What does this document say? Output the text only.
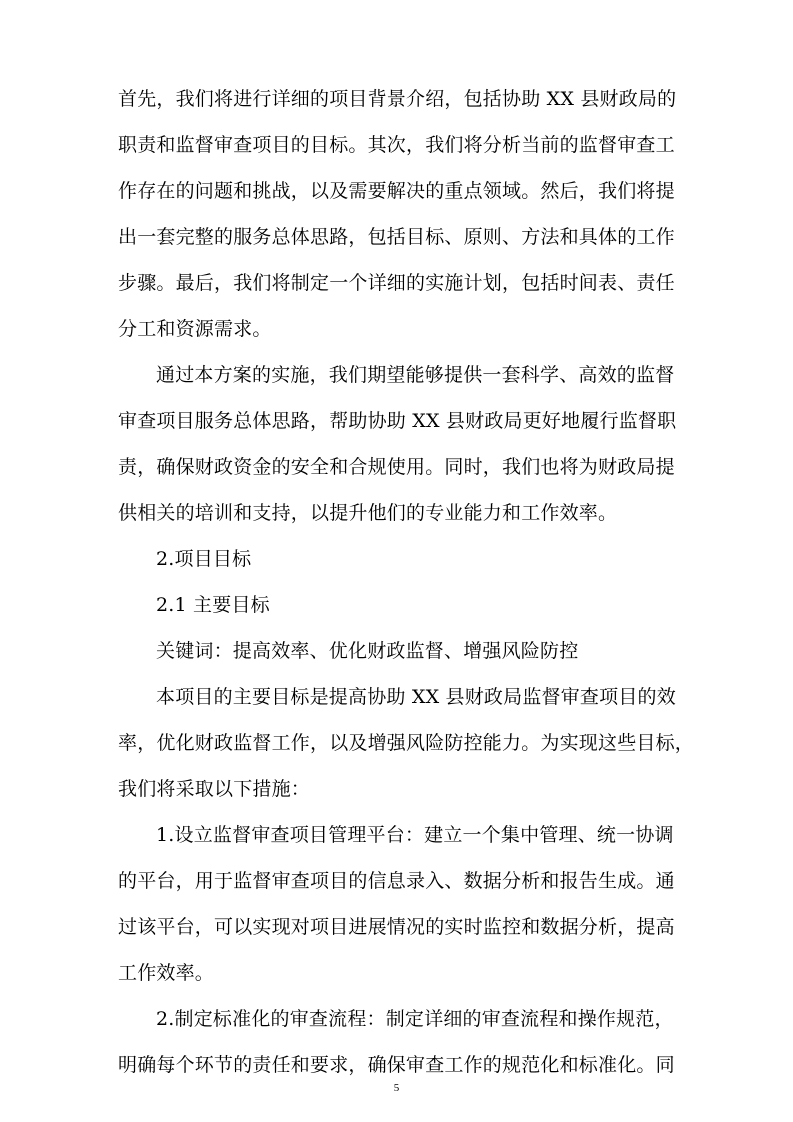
首先，我们将进行详细的项目背景介绍，包括协助 XX 县财政局的
职责和监督审查项目的目标。其次，我们将分析当前的监督审查工
作存在的问题和挑战，以及需要解决的重点领域。然后，我们将提
出一套完整的服务总体思路，包括目标、原则、方法和具体的工作
步骤。最后，我们将制定一个详细的实施计划，包括时间表、责任
分工和资源需求。
通过本方案的实施，我们期望能够提供一套科学、高效的监督
审查项目服务总体思路，帮助协助 XX 县财政局更好地履行监督职
责，确保财政资金的安全和合规使用。同时，我们也将为财政局提
供相关的培训和支持，以提升他们的专业能力和工作效率。
2.项目目标
2.1 主要目标
关键词：提高效率、优化财政监督、增强风险防控
本项目的主要目标是提高协助 XX 县财政局监督审查项目的效
率，优化财政监督工作，以及增强风险防控能力。为实现这些目标，
我们将采取以下措施：
1.设立监督审查项目管理平台：建立一个集中管理、统一协调
的平台，用于监督审查项目的信息录入、数据分析和报告生成。通
过该平台，可以实现对项目进展情况的实时监控和数据分析，提高
工作效率。
2.制定标准化的审查流程：制定详细的审查流程和操作规范，
明确每个环节的责任和要求，确保审查工作的规范化和标准化。同
5
